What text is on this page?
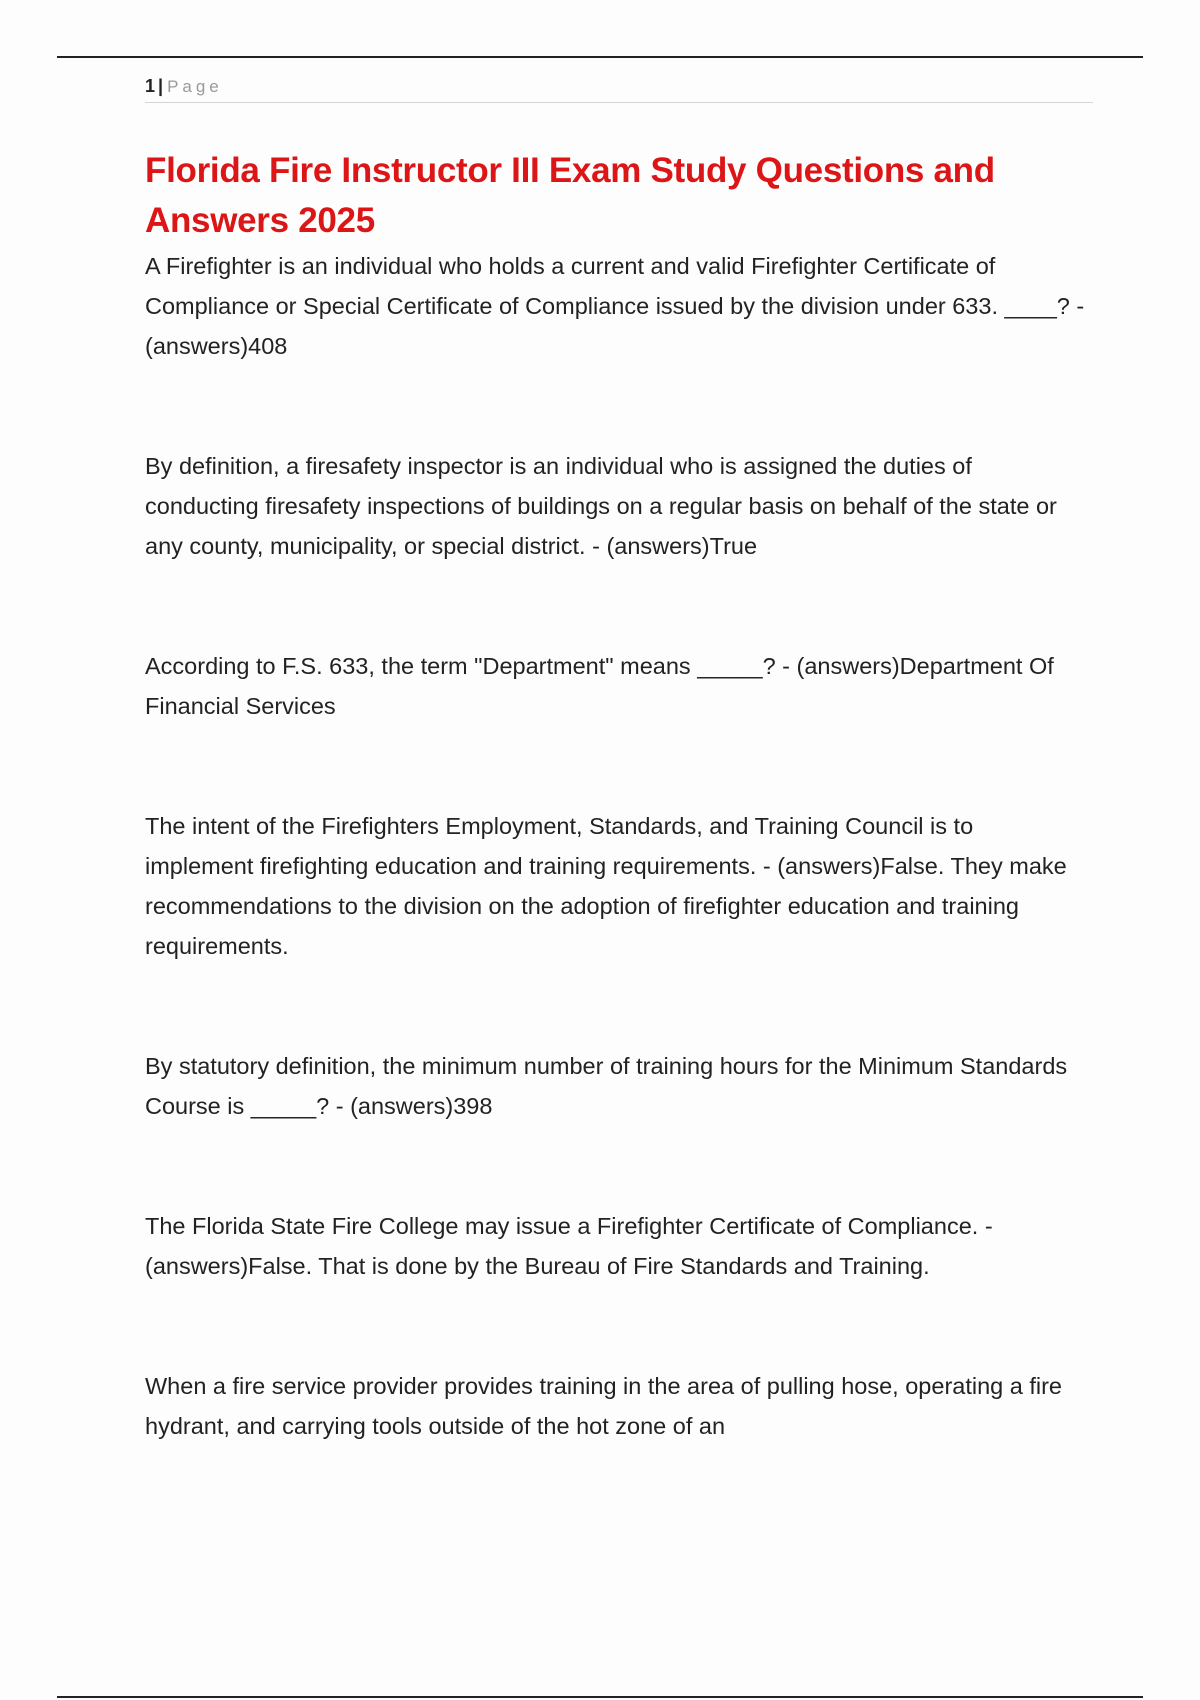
1 | Page
Florida Fire Instructor III Exam Study Questions and Answers 2025

A Firefighter is an individual who holds a current and valid Firefighter Certificate of Compliance or Special Certificate of Compliance issued by the division under 633. ____? - (answers)408

By definition, a firesafety inspector is an individual who is assigned the duties of conducting firesafety inspections of buildings on a regular basis on behalf of the state or any county, municipality, or special district. - (answers)True

According to F.S. 633, the term "Department" means _____? - (answers)Department Of Financial Services

The intent of the Firefighters Employment, Standards, and Training Council is to implement firefighting education and training requirements. - (answers)False. They make recommendations to the division on the adoption of firefighter education and training requirements.

By statutory definition, the minimum number of training hours for the Minimum Standards Course is _____? - (answers)398

The Florida State Fire College may issue a Firefighter Certificate of Compliance. - (answers)False. That is done by the Bureau of Fire Standards and Training.

When a fire service provider provides training in the area of pulling hose, operating a fire hydrant, and carrying tools outside of the hot zone of an
